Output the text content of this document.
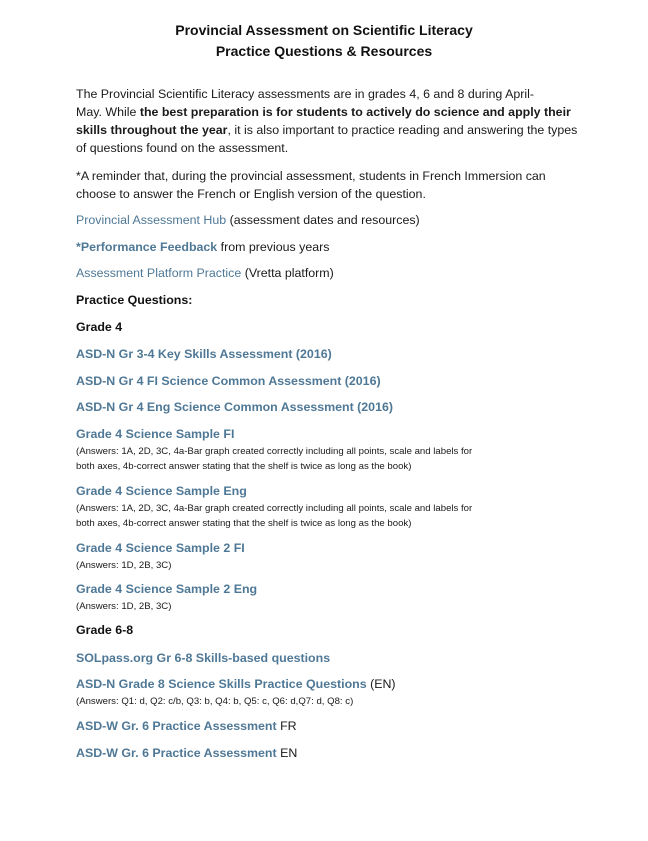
Provincial Assessment on Scientific Literacy
Practice Questions & Resources
The Provincial Scientific Literacy assessments are in grades 4, 6 and 8 during April-
May. While the best preparation is for students to actively do science and apply their
skills throughout the year, it is also important to practice reading and answering the types
of questions found on the assessment.
*A reminder that, during the provincial assessment, students in French Immersion can
choose to answer the French or English version of the question.
Provincial Assessment Hub (assessment dates and resources)
*Performance Feedback from previous years
Assessment Platform Practice (Vretta platform)
Practice Questions:
Grade 4
ASD-N Gr 3-4 Key Skills Assessment (2016)
ASD-N Gr 4 FI Science Common Assessment (2016)
ASD-N Gr 4 Eng Science Common Assessment (2016)
Grade 4 Science Sample FI
(Answers: 1A, 2D, 3C, 4a-Bar graph created correctly including all points, scale and labels for
both axes, 4b-correct answer stating that the shelf is twice as long as the book)
Grade 4 Science Sample Eng
(Answers: 1A, 2D, 3C, 4a-Bar graph created correctly including all points, scale and labels for
both axes, 4b-correct answer stating that the shelf is twice as long as the book)
Grade 4 Science Sample 2 FI
(Answers: 1D, 2B, 3C)
Grade 4 Science Sample 2 Eng
(Answers: 1D, 2B, 3C)
Grade 6-8
SOLpass.org Gr 6-8 Skills-based questions
ASD-N Grade 8 Science Skills Practice Questions (EN)
(Answers: Q1: d, Q2: c/b, Q3: b, Q4: b, Q5: c, Q6: d,Q7: d, Q8: c)
ASD-W Gr. 6 Practice Assessment FR
ASD-W Gr. 6 Practice Assessment EN
